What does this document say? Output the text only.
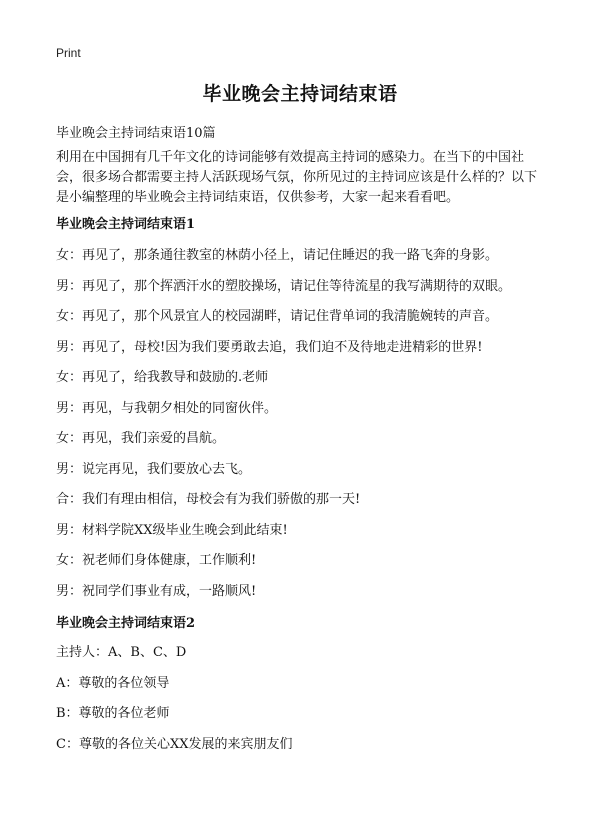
Print
毕业晚会主持词结束语
毕业晚会主持词结束语10篇

利用在中国拥有几千年文化的诗词能够有效提高主持词的感染力。在当下的中国社会，很多场合都需要主持人活跃现场气氛，你所见过的主持词应该是什么样的？以下是小编整理的毕业晚会主持词结束语，仅供参考，大家一起来看看吧。

毕业晚会主持词结束语1

女：再见了，那条通往教室的林荫小径上，请记住睡迟的我一路飞奔的身影。

男：再见了，那个挥洒汗水的塑胶操场，请记住等待流星的我写满期待的双眼。

女：再见了，那个风景宜人的校园湖畔，请记住背单词的我清脆婉转的声音。

男：再见了，母校!因为我们要勇敢去追，我们迫不及待地走进精彩的世界!

女：再见了，给我教导和鼓励的.老师

男：再见，与我朝夕相处的同窗伙伴。

女：再见，我们亲爱的昌航。

男：说完再见，我们要放心去飞。

合：我们有理由相信，母校会有为我们骄傲的那一天!

男：材料学院XX级毕业生晚会到此结束!

女：祝老师们身体健康，工作顺利!

男：祝同学们事业有成，一路顺风!

毕业晚会主持词结束语2

主持人：A、B、C、D

A：尊敬的各位领导

B：尊敬的各位老师

C：尊敬的各位关心XX发展的来宾朋友们
